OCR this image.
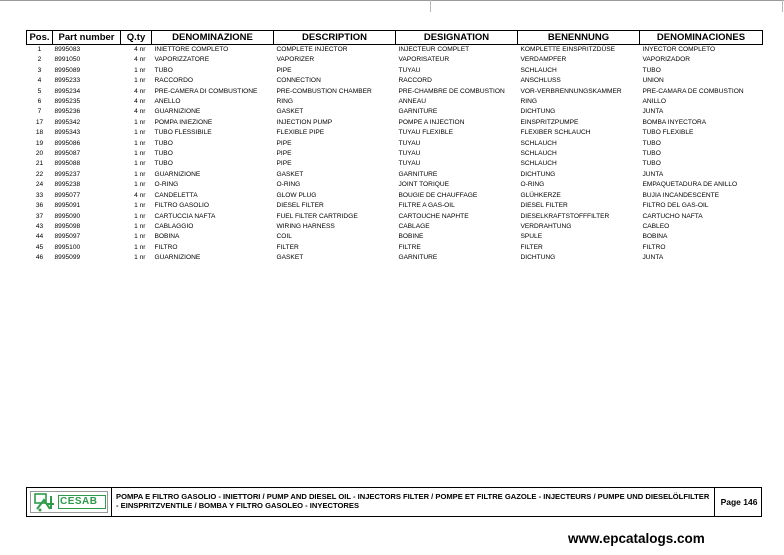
Pos.	Part number	Q.ty	DENOMINAZIONE	DESCRIPTION	DESIGNATION	BENENNUNG	DENOMINACIONES
1	8995083	4 nr	INIETTORE COMPLETO	COMPLETE INJECTOR	INJECTEUR COMPLET	KOMPLETTE EINSPRITZDÜSE	INYECTOR COMPLETO
2	8991050	4 nr	VAPORIZZATORE	VAPORIZER	VAPORISATEUR	VERDAMPFER	VAPORIZADOR
3	8995089	1 nr	TUBO	PIPE	TUYAU	SCHLAUCH	TUBO
4	8995233	1 nr	RACCORDO	CONNECTION	RACCORD	ANSCHLUSS	UNION
5	8995234	4 nr	PRE-CAMERA DI COMBUSTIONE	PRE-COMBUSTION CHAMBER	PRE-CHAMBRE DE COMBUSTION	VOR-VERBRENNUNGSKAMMER	PRE-CAMARA DE COMBUSTION
6	8995235	4 nr	ANELLO	RING	ANNEAU	RING	ANILLO
7	8995236	4 nr	GUARNIZIONE	GASKET	GARNITURE	DICHTUNG	JUNTA
17	8995342	1 nr	POMPA INIEZIONE	INJECTION PUMP	POMPE A INJECTION	EINSPRITZPUMPE	BOMBA INYECTORA
18	8995343	1 nr	TUBO FLESSIBILE	FLEXIBLE PIPE	TUYAU FLEXIBLE	FLEXIBER SCHLAUCH	TUBO FLEXIBLE
19	8995086	1 nr	TUBO	PIPE	TUYAU	SCHLAUCH	TUBO
20	8995087	1 nr	TUBO	PIPE	TUYAU	SCHLAUCH	TUBO
21	8995088	1 nr	TUBO	PIPE	TUYAU	SCHLAUCH	TUBO
22	8995237	1 nr	GUARNIZIONE	GASKET	GARNITURE	DICHTUNG	JUNTA
24	8995238	1 nr	O-RING	O-RING	JOINT TORIQUE	O-RING	EMPAQUETADURA DE ANILLO
33	8995077	4 nr	CANDELETTA	GLOW PLUG	BOUGIE DE CHAUFFAGE	GLÜHKERZE	BUJIA INCANDESCENTE
36	8995091	1 nr	FILTRO GASOLIO	DIESEL FILTER	FILTRE A GAS-OIL	DIESEL FILTER	FILTRO DEL GAS-OIL
37	8995090	1 nr	CARTUCCIA NAFTA	FUEL FILTER CARTRIDGE	CARTOUCHE NAPHTE	DIESELKRAFTSTOFFFILTER	CARTUCHO NAFTA
43	8995098	1 nr	CABLAGGIO	WIRING HARNESS	CABLAGE	VERDRAHTUNG	CABLEO
44	8995097	1 nr	BOBINA	COIL	BOBINE	SPULE	BOBINA
45	8995100	1 nr	FILTRO	FILTER	FILTRE	FILTER	FILTRO
46	8995099	1 nr	GUARNIZIONE	GASKET	GARNITURE	DICHTUNG	JUNTA
CESAB POMPA E FILTRO GASOLIO - INIETTORI / PUMP AND DIESEL OIL - INJECTORS FILTER / POMPE ET FILTRE GAZOLE - INJECTEURS / PUMPE UND DIESELÖLFILTER - EINSPRITZVENTILE / BOMBA Y FILTRO GASOLEO - INYECTORES	Page 146
www.epcatalogs.com
